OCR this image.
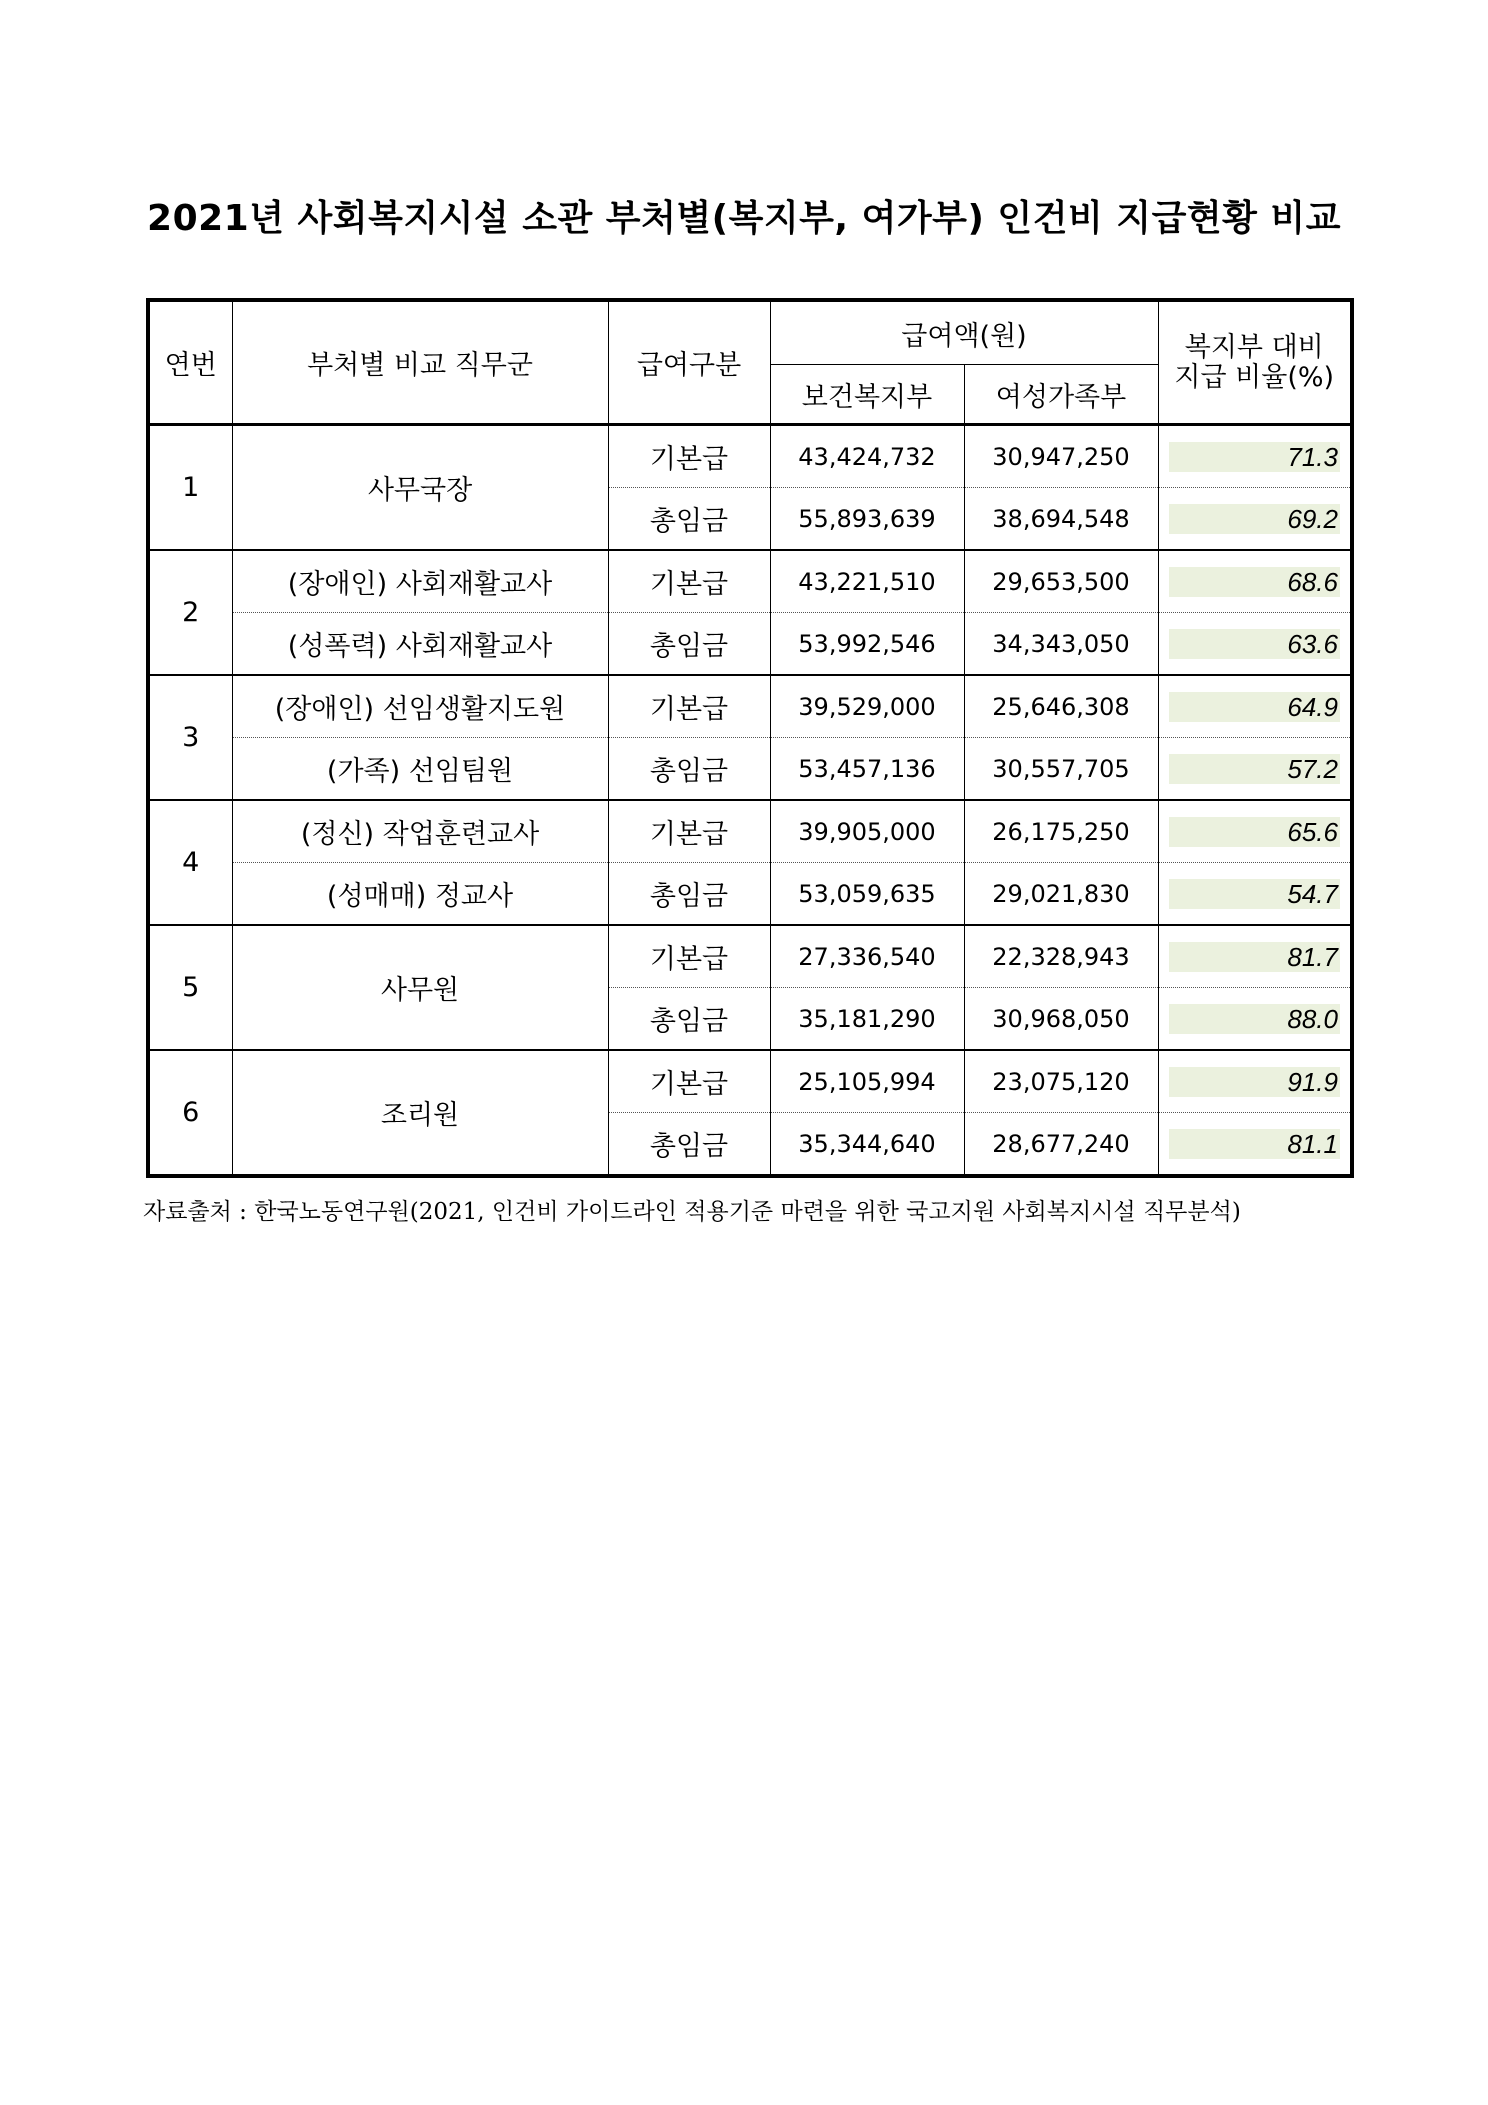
2021년 사회복지시설 소관 부처별(복지부, 여가부) 인건비 지급현황 비교
연번	부처별 비교 직무군	급여구분	급여액(원)		복지부 대비
지급 비율(%)
			보건복지부	여성가족부	
1	사무국장	기본급	43,424,732	30,947,250	71.3

		총임금	55,893,639	38,694,548	69.2

2	(장애인) 사회재활교사	기본급	43,221,510	29,653,500	68.6

	(성폭력) 사회재활교사	총임금	53,992,546	34,343,050	63.6

3	(장애인) 선임생활지도원	기본급	39,529,000	25,646,308	64.9

	(가족) 선임팀원	총임금	53,457,136	30,557,705	57.2

4	(정신) 작업훈련교사	기본급	39,905,000	26,175,250	65.6

	(성매매) 정교사	총임금	53,059,635	29,021,830	54.7

5	사무원	기본급	27,336,540	22,328,943	81.7

		총임금	35,181,290	30,968,050	88.0

6	조리원	기본급	25,105,994	23,075,120	91.9

		총임금	35,344,640	28,677,240	81.1
자료출처 : 한국노동연구원(2021, 인건비 가이드라인 적용기준 마련을 위한 국고지원 사회복지시설 직무분석)
